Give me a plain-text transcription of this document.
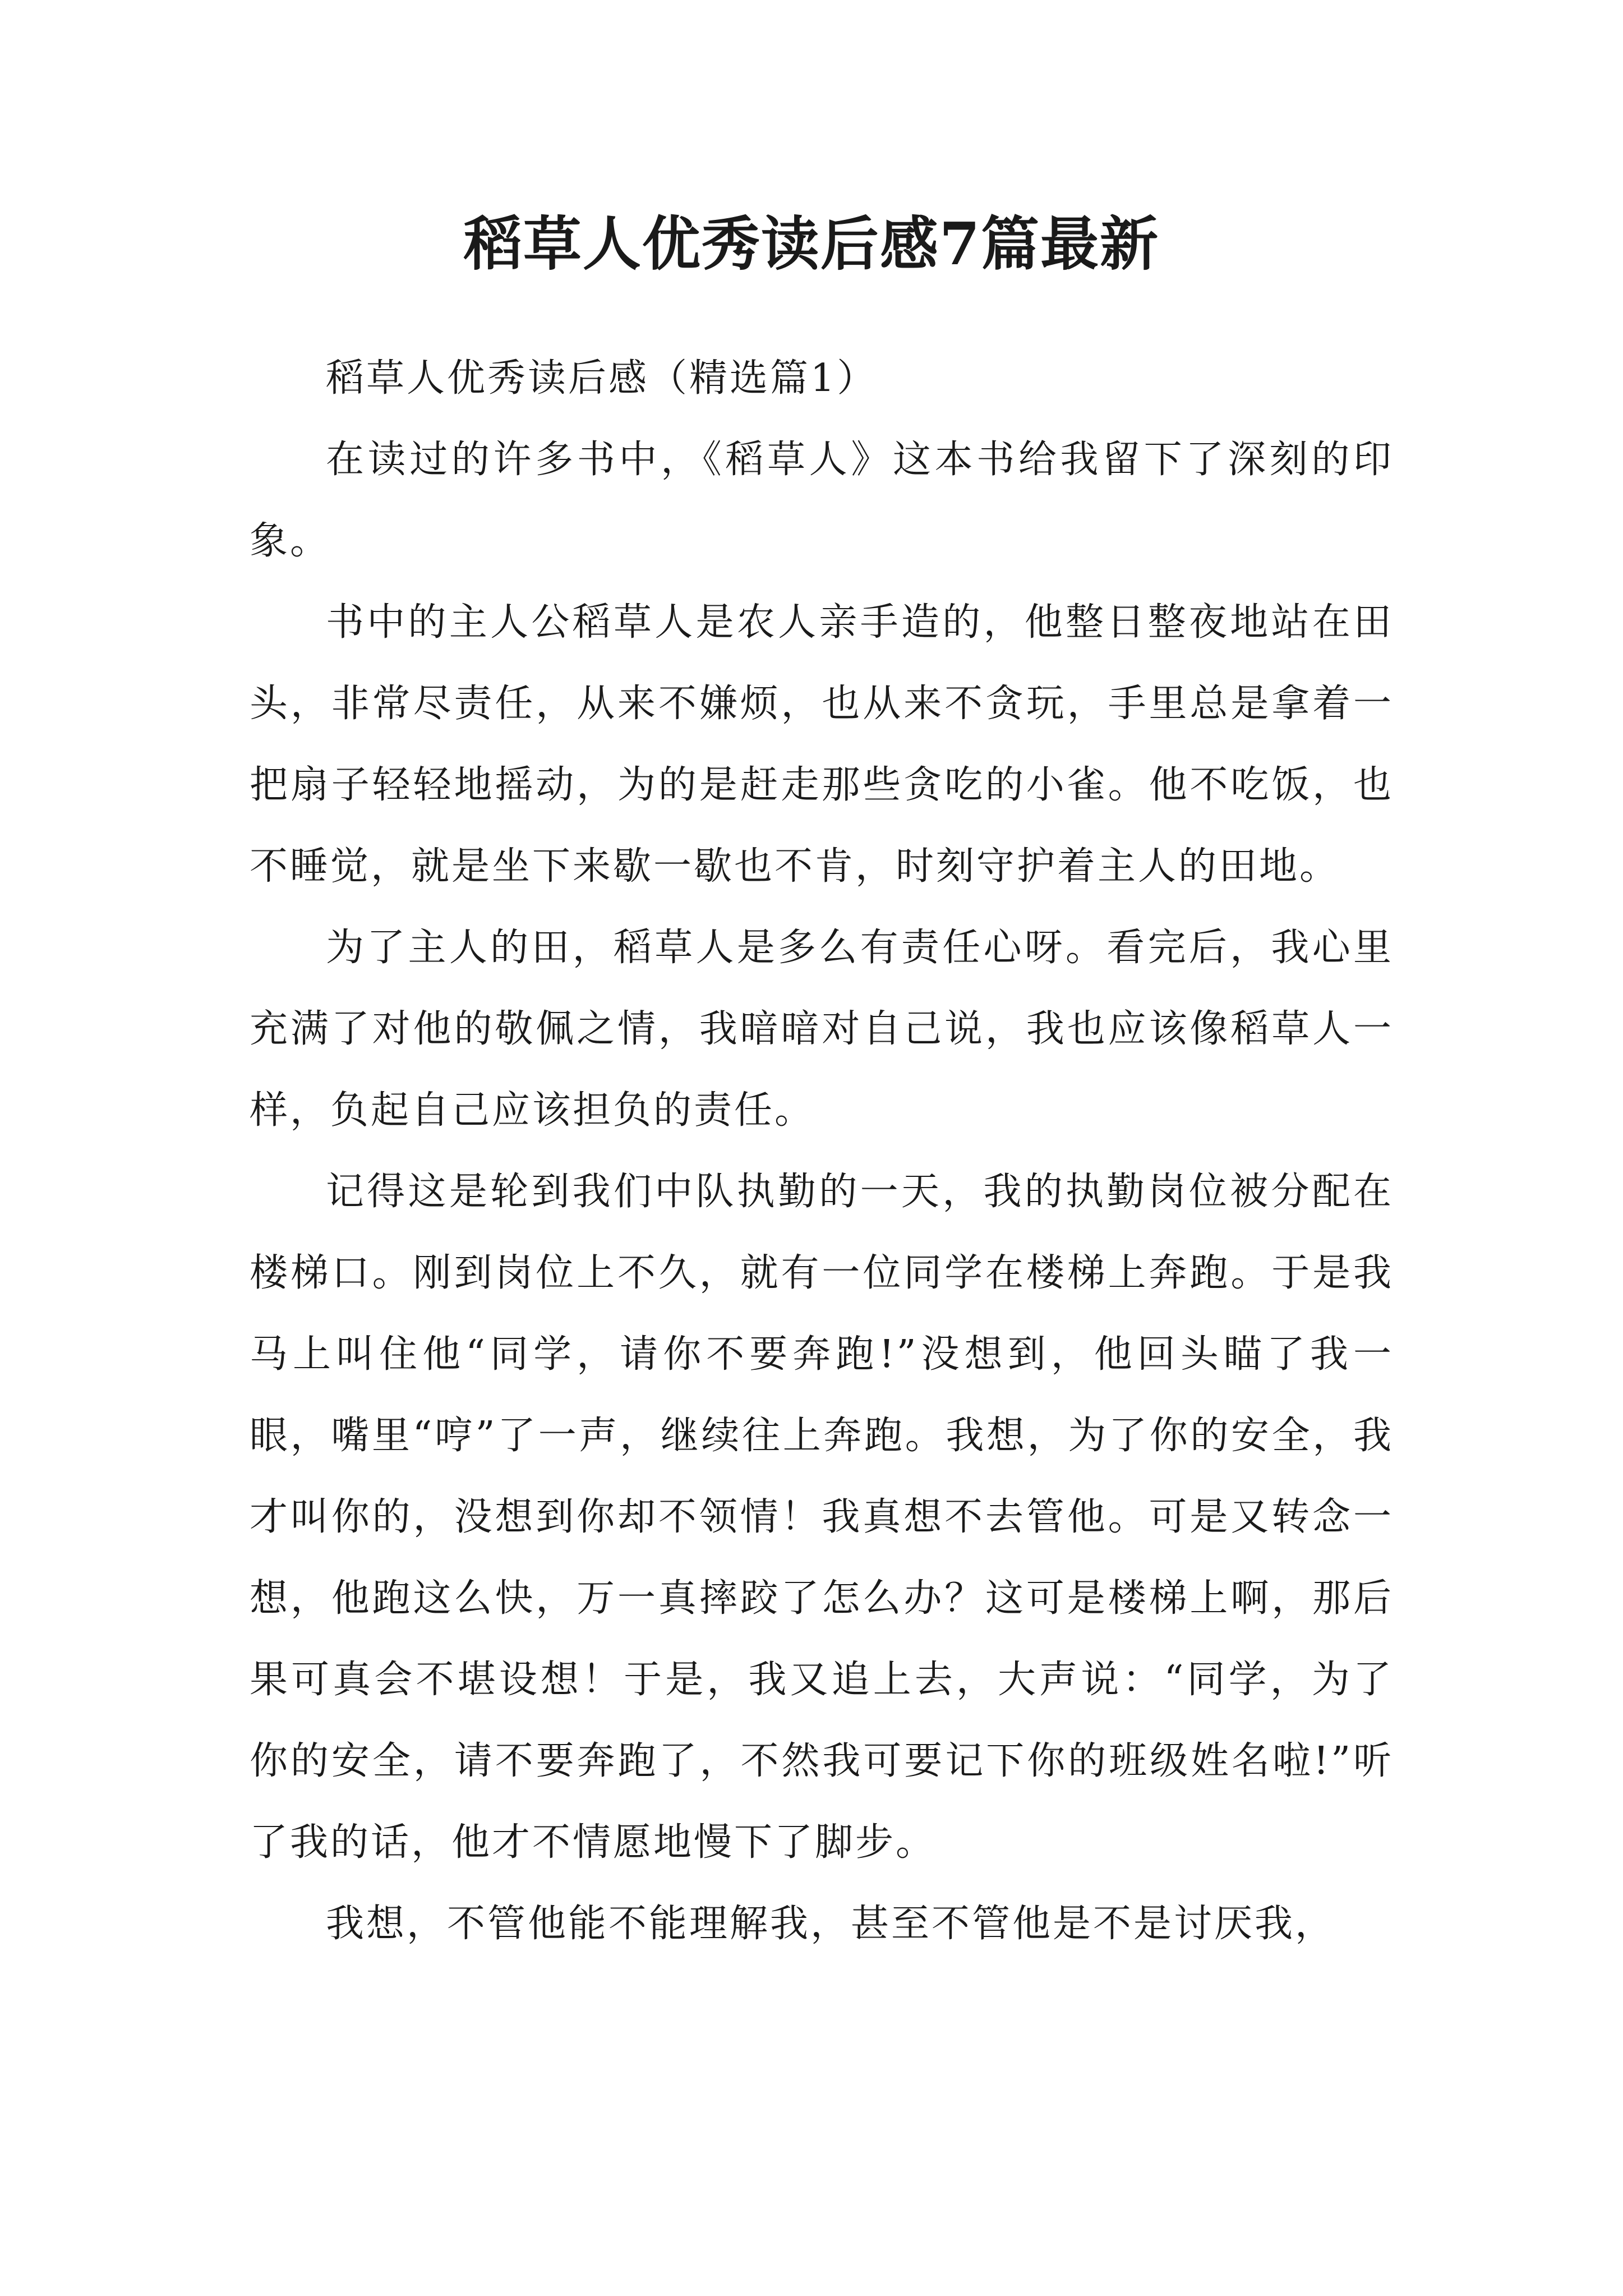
稻草人优秀读后感7篇最新

稻草人优秀读后感（精选篇1）

在读过的许多书中，《稻草人》这本书给我留下了深刻的印象。

书中的主人公稻草人是农人亲手造的，他整日整夜地站在田头，非常尽责任，从来不嫌烦，也从来不贪玩，手里总是拿着一把扇子轻轻地摇动，为的是赶走那些贪吃的小雀。他不吃饭，也不睡觉，就是坐下来歇一歇也不肯，时刻守护着主人的田地。

为了主人的田，稻草人是多么有责任心呀。看完后，我心里充满了对他的敬佩之情，我暗暗对自己说，我也应该像稻草人一样，负起自己应该担负的责任。

记得这是轮到我们中队执勤的一天，我的执勤岗位被分配在楼梯口。刚到岗位上不久，就有一位同学在楼梯上奔跑。于是我马上叫住他“同学，请你不要奔跑!”没想到，他回头瞄了我一眼，嘴里“哼”了一声，继续往上奔跑。我想，为了你的安全，我才叫你的，没想到你却不领情！我真想不去管他。可是又转念一想，他跑这么快，万一真摔跤了怎么办？这可是楼梯上啊，那后果可真会不堪设想！于是，我又追上去，大声说：“同学，为了你的安全，请不要奔跑了，不然我可要记下你的班级姓名啦!”听了我的话，他才不情愿地慢下了脚步。

我想，不管他能不能理解我，甚至不管他是不是讨厌我，
